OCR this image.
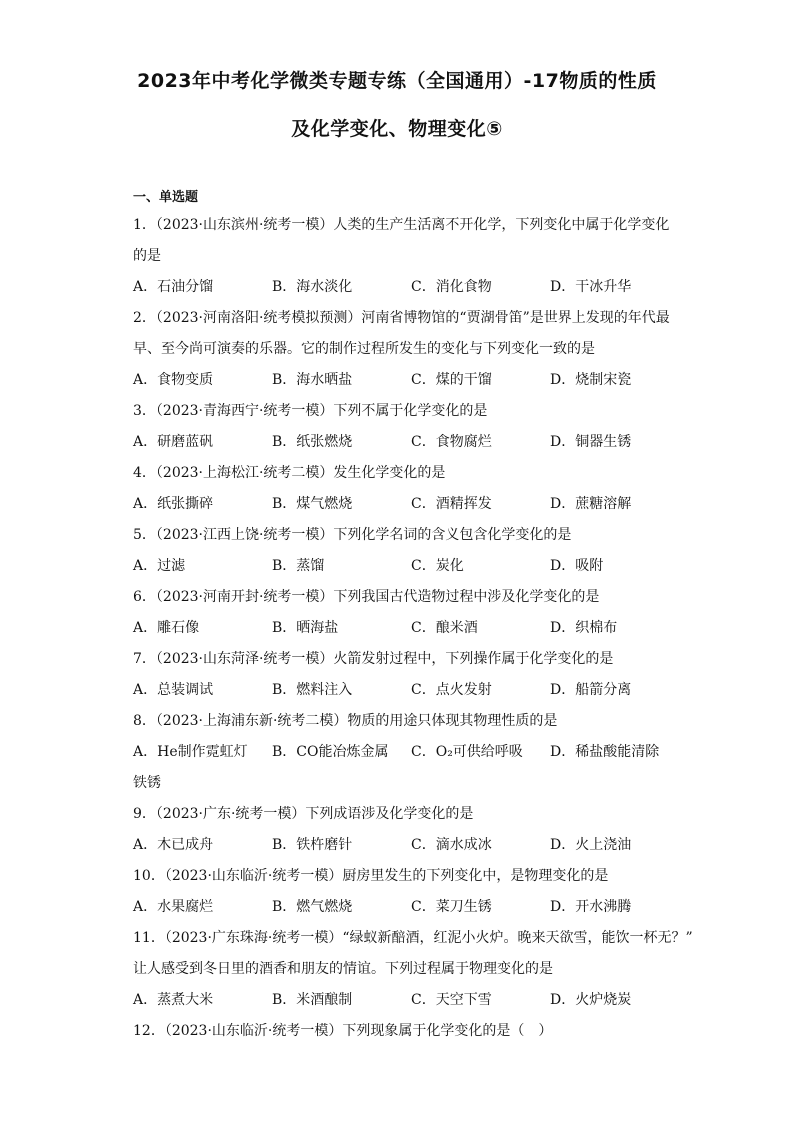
2023年中考化学微类专题专练（全国通用）-17物质的性质
及化学变化、物理变化⑤
一、单选题
1．（2023·山东滨州·统考一模）人类的生产生活离不开化学，下列变化中属于化学变化
的是
A．石油分馏	B．海水淡化	C．消化食物	D．干冰升华
2．（2023·河南洛阳·统考模拟预测）河南省博物馆的“贾湖骨笛”是世界上发现的年代最
早、至今尚可演奏的乐器。它的制作过程所发生的变化与下列变化一致的是
A．食物变质	B．海水晒盐	C．煤的干馏	D．烧制宋瓷
3．（2023·青海西宁·统考一模）下列不属于化学变化的是
A．研磨蓝矾	B．纸张燃烧	C．食物腐烂	D．铜器生锈
4．（2023·上海松江·统考二模）发生化学变化的是
A．纸张撕碎	B．煤气燃烧	C．酒精挥发	D．蔗糖溶解
5．（2023·江西上饶·统考一模）下列化学名词的含义包含化学变化的是
A．过滤	B．蒸馏	C．炭化	D．吸附
6．（2023·河南开封·统考一模）下列我国古代造物过程中涉及化学变化的是
A．雕石像	B．晒海盐	C．酿米酒	D．织棉布
7．（2023·山东菏泽·统考一模）火箭发射过程中，下列操作属于化学变化的是
A．总装调试	B．燃料注入	C．点火发射	D．船箭分离
8．（2023·上海浦东新·统考二模）物质的用途只体现其物理性质的是
A．He制作霓虹灯 B．CO能冶炼金属 C．O₂可供给呼吸 D．稀盐酸能清除
铁锈
9．（2023·广东·统考一模）下列成语涉及化学变化的是
A．木已成舟	B．铁杵磨针	C．滴水成冰	D．火上浇油
10．（2023·山东临沂·统考一模）厨房里发生的下列变化中，是物理变化的是
A．水果腐烂	B．燃气燃烧	C．菜刀生锈	D．开水沸腾
11．（2023·广东珠海·统考一模）“绿蚁新醅酒，红泥小火炉。晚来天欲雪，能饮一杯无？”
让人感受到冬日里的酒香和朋友的情谊。下列过程属于物理变化的是
A．蒸煮大米	B．米酒酿制	C．天空下雪	D．火炉烧炭
12．（2023·山东临沂·统考一模）下列现象属于化学变化的是（　）
